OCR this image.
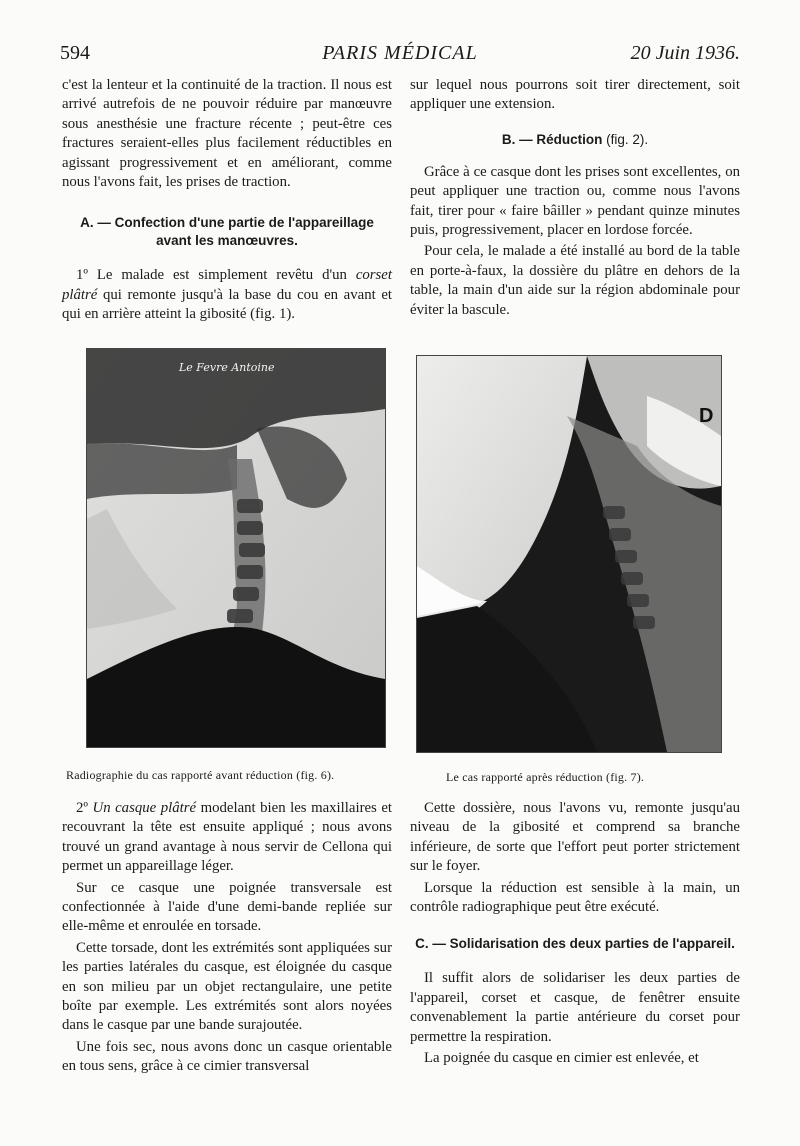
594	PARIS MÉDICAL	20 Juin 1936.

c'est la lenteur et la continuité de la traction. Il nous est arrivé autrefois de ne pouvoir réduire par manœuvre sous anesthésie une fracture récente ; peut-être ces fractures seraient-elles plus facilement réductibles en agissant progressivement et en améliorant, comme nous l'avons fait, les prises de traction.

A. — Confection d'une partie de l'appareillage avant les manœuvres.

1º Le malade est simplement revêtu d'un corset plâtré qui remonte jusqu'à la base du cou en avant et qui en arrière atteint la gibosité (fig. 1).

sur lequel nous pourrons soit tirer directement, soit appliquer une extension.

B. — Réduction (fig. 2).

Grâce à ce casque dont les prises sont excellentes, on peut appliquer une traction ou, comme nous l'avons fait, tirer pour « faire bâiller » pendant quinze minutes puis, progressivement, placer en lordose forcée.

Pour cela, le malade a été installé au bord de la table en porte-à-faux, la dossière du plâtre en dehors de la table, la main d'un aide sur la région abdominale pour éviter la bascule.

Le Fevre Antoine
Radiographie du cas rapporté avant réduction (fig. 6).
D
Le cas rapporté après réduction (fig. 7).

2º Un casque plâtré modelant bien les maxillaires et recouvrant la tête est ensuite appliqué ; nous avons trouvé un grand avantage à nous servir de Cellona qui permet un appareillage léger.

Sur ce casque une poignée transversale est confectionnée à l'aide d'une demi-bande repliée sur elle-même et enroulée en torsade.

Cette torsade, dont les extrémités sont appliquées sur les parties latérales du casque, est éloignée du casque en son milieu par un objet rectangulaire, une petite boîte par exemple. Les extrémités sont alors noyées dans le casque par une bande surajoutée.

Une fois sec, nous avons donc un casque orientable en tous sens, grâce à ce cimier transversal

Cette dossière, nous l'avons vu, remonte jusqu'au niveau de la gibosité et comprend sa branche inférieure, de sorte que l'effort peut porter strictement sur le foyer.

Lorsque la réduction est sensible à la main, un contrôle radiographique peut être exécuté.

C. — Solidarisation des deux parties de l'appareil.

Il suffit alors de solidariser les deux parties de l'appareil, corset et casque, de fenêtrer ensuite convenablement la partie antérieure du corset pour permettre la respiration.

La poignée du casque en cimier est enlevée, et
